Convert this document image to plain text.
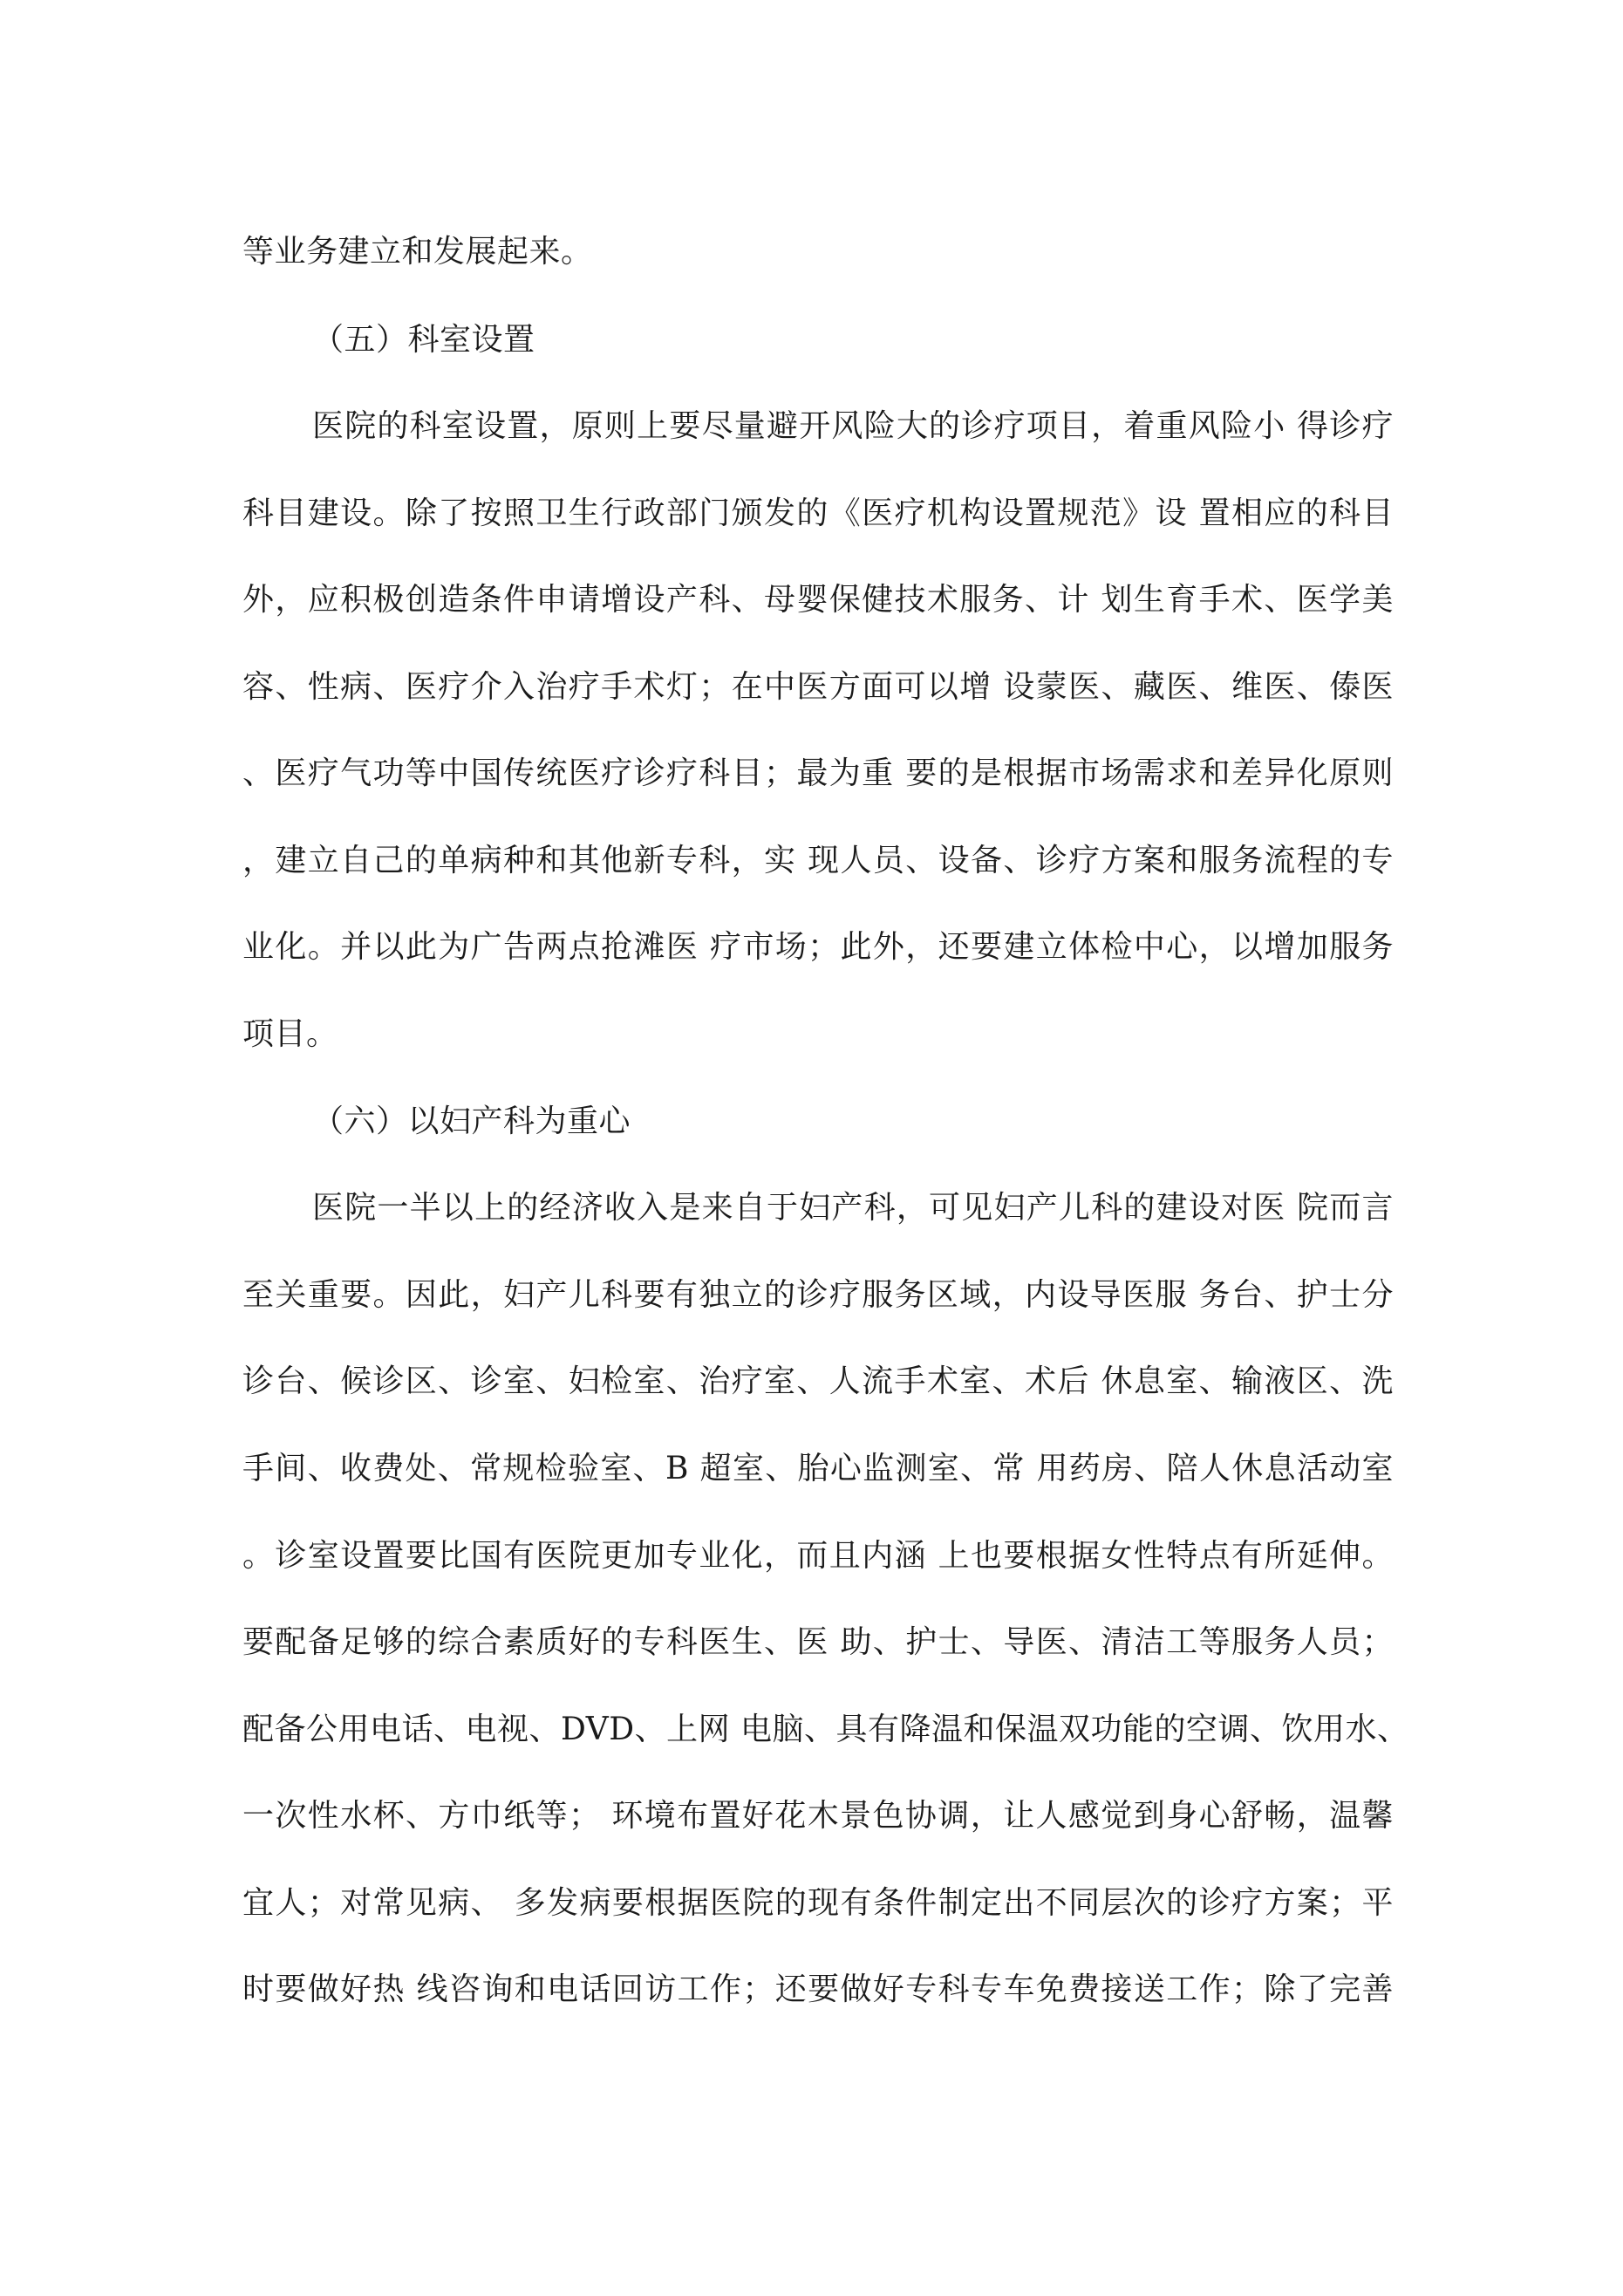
等业务建立和发展起来。
（五）科室设置
医院的科室设置，原则上要尽量避开风险大的诊疗项目，着重风险小 得诊疗
科目建设。除了按照卫生行政部门颁发的《医疗机构设置规范》设 置相应的科目
外，应积极创造条件申请增设产科、母婴保健技术服务、计 划生育手术、医学美
容、性病、医疗介入治疗手术灯；在中医方面可以增 设蒙医、藏医、维医、傣医
、医疗气功等中国传统医疗诊疗科目；最为重 要的是根据市场需求和差异化原则
，建立自己的单病种和其他新专科，实 现人员、设备、诊疗方案和服务流程的专
业化。并以此为广告两点抢滩医 疗市场；此外，还要建立体检中心，以增加服务
项目。
（六）以妇产科为重心
医院一半以上的经济收入是来自于妇产科，可见妇产儿科的建设对医 院而言
至关重要。因此，妇产儿科要有独立的诊疗服务区域，内设导医服 务台、护士分
诊台、候诊区、诊室、妇检室、治疗室、人流手术室、术后 休息室、输液区、洗
手间、收费处、常规检验室、B 超室、胎心监测室、常 用药房、陪人休息活动室
。诊室设置要比国有医院更加专业化，而且内涵 上也要根据女性特点有所延伸。
要配备足够的综合素质好的专科医生、医 助、护士、导医、清洁工等服务人员；
配备公用电话、电视、DVD、上网 电脑、具有降温和保温双功能的空调、饮用水、
一次性水杯、方巾纸等； 环境布置好花木景色协调，让人感觉到身心舒畅，温馨
宜人；对常见病、 多发病要根据医院的现有条件制定出不同层次的诊疗方案；平
时要做好热 线咨询和电话回访工作；还要做好专科专车免费接送工作；除了完善
